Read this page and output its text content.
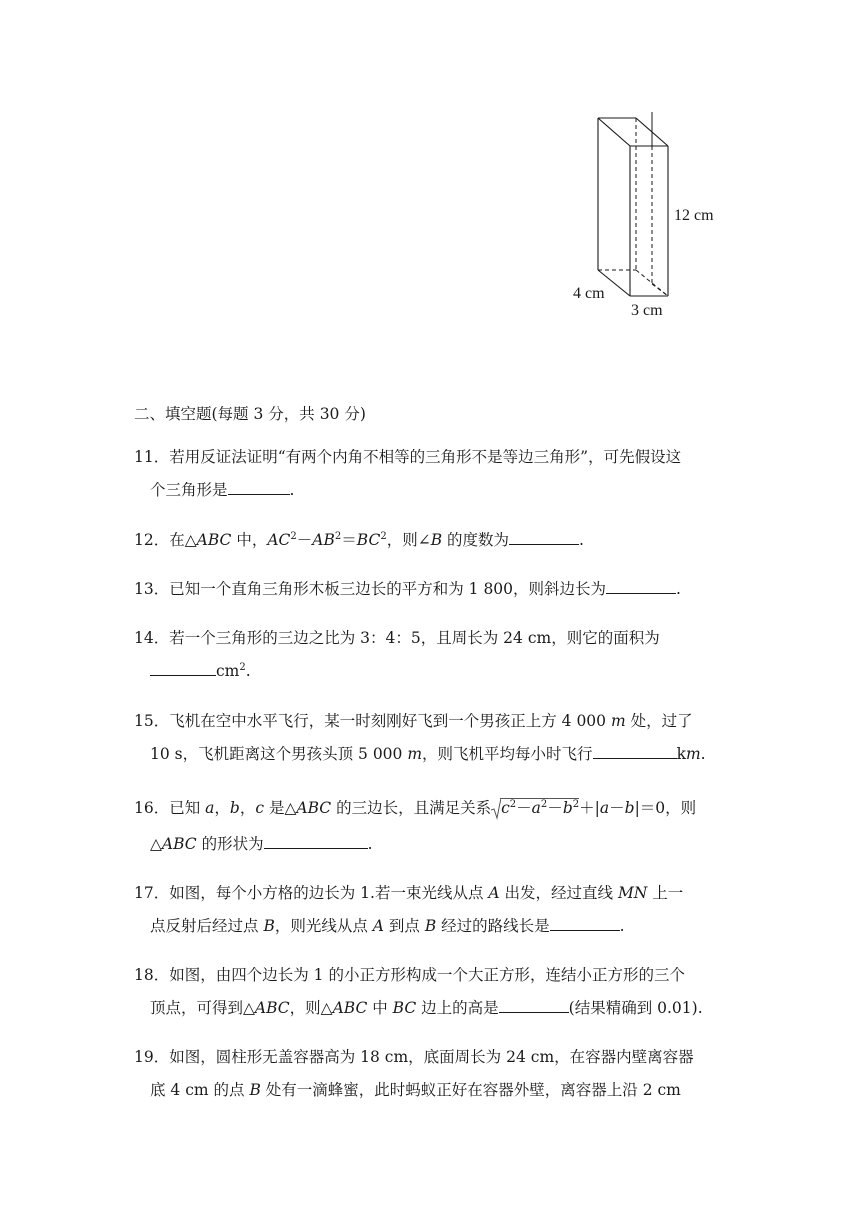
12 cm
4 cm
3 cm
二、填空题(每题 3 分，共 30 分)
11．若用反证法证明“有两个内角不相等的三角形不是等边三角形”，可先假设这
个三角形是	.
12．在△ABC 中，$AC^2-AB^2=BC^2$，则∠B 的度数为	.
13．已知一个直角三角形木板三边长的平方和为 1 800，则斜边长为	.
14．若一个三角形的三边之比为 3：4：5，且周长为 24 cm，则它的面积为
$cm^2$.
15．飞机在空中水平飞行，某一时刻刚好飞到一个男孩正上方 4 000 m 处，过了
10 s，飞机距离这个男孩头顶 5 000 m，则飞机平均每小时飞行	km.
16．已知 a，b，c 是△ABC 的三边长，且满足关系 $c^2-a^2-b^2+|a-b|=0$，则
△ABC 的形状为	.
17．如图，每个小方格的边长为 1.若一束光线从点 A 出发，经过直线 MN 上一
点反射后经过点 B，则光线从点 A 到点 B 经过的路线长是	.
18．如图，由四个边长为 1 的小正方形构成一个大正方形，连结小正方形的三个
顶点，可得到△ABC，则△ABC 中 BC 边上的高是	(结果精确到 0.01).
19．如图，圆柱形无盖容器高为 18 cm，底面周长为 24 cm，在容器内壁离容器
底 4 cm 的点 B 处有一滴蜂蜜，此时蚂蚁正好在容器外壁，离容器上沿 2 cm
